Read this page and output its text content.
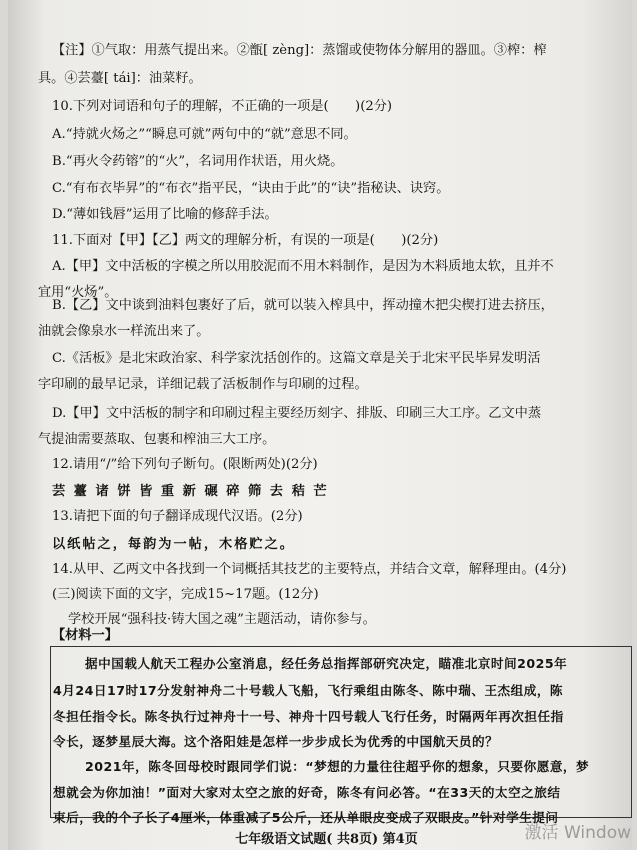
【注】①气取：用蒸气提出来。②甑[ zèng]：蒸馏或使物体分解用的器皿。③榨：榨
具。④芸薹[ tái]：油菜籽。
10.下列对词语和句子的理解，不正确的一项是(　　)(2分)
A.“持就火炀之”“瞬息可就”两句中的“就”意思不同。
B.“再火令药镕”的“火”，名词用作状语，用火烧。
C.“有布衣毕昇”的“布衣”指平民，“诀由于此”的“诀”指秘诀、诀窍。
D.“薄如钱唇”运用了比喻的修辞手法。
11.下面对【甲】【乙】两文的理解分析，有误的一项是(　　)(2分)
A.【甲】文中活板的字模之所以用胶泥而不用木料制作，是因为木料质地太软，且并不
宜用“火炀”。
B.【乙】文中谈到油料包裹好了后，就可以装入榨具中，挥动撞木把尖楔打进去挤压，
油就会像泉水一样流出来了。
C.《活板》是北宋政治家、科学家沈括创作的。这篇文章是关于北宋平民毕昇发明活
字印刷的最早记录，详细记载了活板制作与印刷的过程。
D.【甲】文中活板的制字和印刷过程主要经历刻字、排版、印刷三大工序。乙文中蒸
气提油需要蒸取、包裹和榨油三大工序。
12.请用“/”给下列句子断句。(限断两处)(2分)
芸 薹 诸 饼 皆 重 新 碾 碎 筛 去 秸 芒
13.请把下面的句子翻译成现代汉语。(2分)
以纸帖之，每韵为一帖，木格贮之。
14.从甲、乙两文中各找到一个词概括其技艺的主要特点，并结合文章，解释理由。(4分)
(三)阅读下面的文字，完成15~17题。(12分)
学校开展“强科技·铸大国之魂”主题活动，请你参与。
【材料一】
据中国载人航天工程办公室消息，经任务总指挥部研究决定，瞄准北京时间2025年
4月24日17时17分发射神舟二十号载人飞船，飞行乘组由陈冬、陈中瑞、王杰组成，陈
冬担任指令长。陈冬执行过神舟十一号、神舟十四号载人飞行任务，时隔两年再次担任指
令长，逐梦星辰大海。这个洛阳娃是怎样一步步成长为优秀的中国航天员的？
2021年，陈冬回母校时跟同学们说：“梦想的力量往往超乎你的想象，只要你愿意，梦
想就会为你加油！”面对大家对太空之旅的好奇，陈冬有问必答。“在33天的太空之旅结
束后，我的个子长了4厘米，体重减了5公斤，还从单眼皮变成了双眼皮。”针对学生提问
七年级语文试题( 共8页) 第4页	激活 Window
